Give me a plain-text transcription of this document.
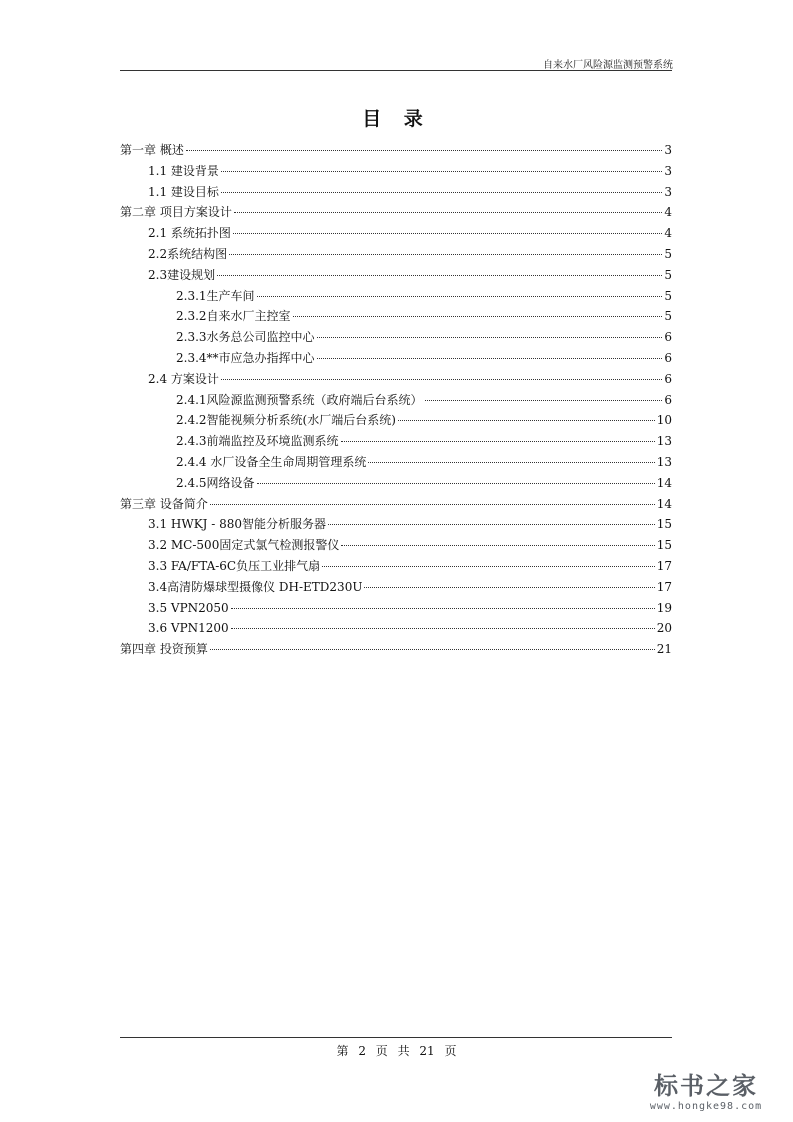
自来水厂风险源监测预警系统
目 录
第一章 概述	3
1.1 建设背景	3
1.1 建设目标	3
第二章 项目方案设计	4
2.1 系统拓扑图	4
2.2系统结构图	5
2.3建设规划	5
2.3.1生产车间	5
2.3.2自来水厂主控室	5
2.3.3水务总公司监控中心	6
2.3.4**市应急办指挥中心	6
2.4 方案设计	6
2.4.1风险源监测预警系统（政府端后台系统）	6
2.4.2智能视频分析系统(水厂端后台系统)	10
2.4.3前端监控及环境监测系统	13
2.4.4 水厂设备全生命周期管理系统	13
2.4.5网络设备	14
第三章 设备简介	14
3.1 HWKJ - 880智能分析服务器	15
3.2 MC-500固定式氯气检测报警仪	15
3.3 FA/FTA-6C负压工业排气扇	17
3.4高清防爆球型摄像仪 DH-ETD230U	17
3.5 VPN2050	19
3.6 VPN1200	20
第四章 投资预算	21
第 2 页 共 21 页
标书之家
www.hongke98.com
